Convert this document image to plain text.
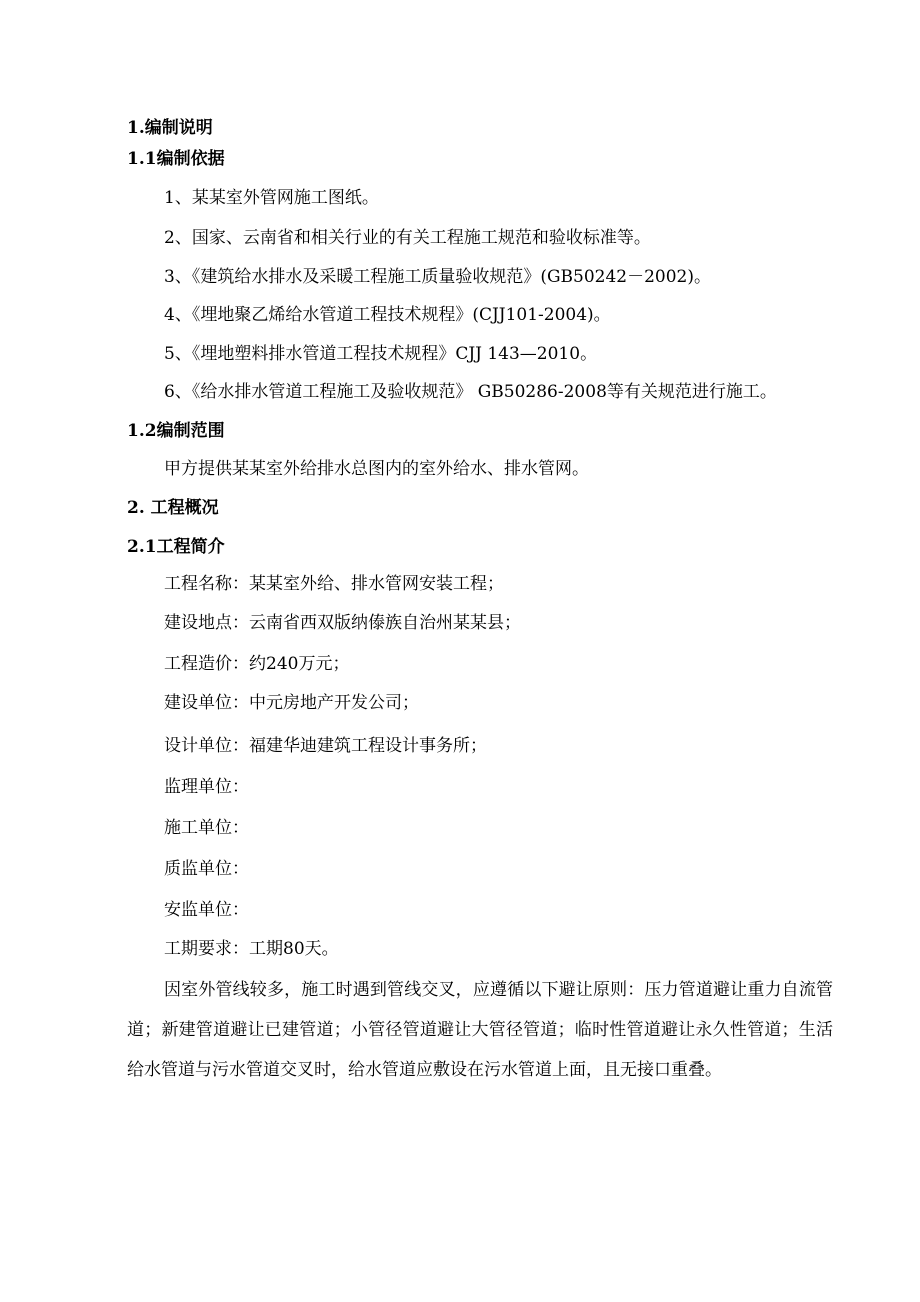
1.编制说明
1.1编制依据
1、某某室外管网施工图纸。
2、国家、云南省和相关行业的有关工程施工规范和验收标准等。
3、《建筑给水排水及采暖工程施工质量验收规范》(GB50242－2002)。
4、《埋地聚乙烯给水管道工程技术规程》(CJJ101-2004)。
5、《埋地塑料排水管道工程技术规程》CJJ 143—2010。
6、《给水排水管道工程施工及验收规范》 GB50286-2008等有关规范进行施工。
1.2编制范围
甲方提供某某室外给排水总图内的室外给水、排水管网。
2. 工程概况
2.1工程简介
工程名称：某某室外给、排水管网安装工程；
建设地点：云南省西双版纳傣族自治州某某县；
工程造价：约240万元；
建设单位：中元房地产开发公司；
设计单位：福建华迪建筑工程设计事务所；
监理单位：
施工单位：
质监单位：
安监单位：
工期要求：工期80天。
因室外管线较多，施工时遇到管线交叉，应遵循以下避让原则：压力管道避让重力自流管道；新建管道避让已建管道；小管径管道避让大管径管道；临时性管道避让永久性管道；生活给水管道与污水管道交叉时，给水管道应敷设在污水管道上面，且无接口重叠。
